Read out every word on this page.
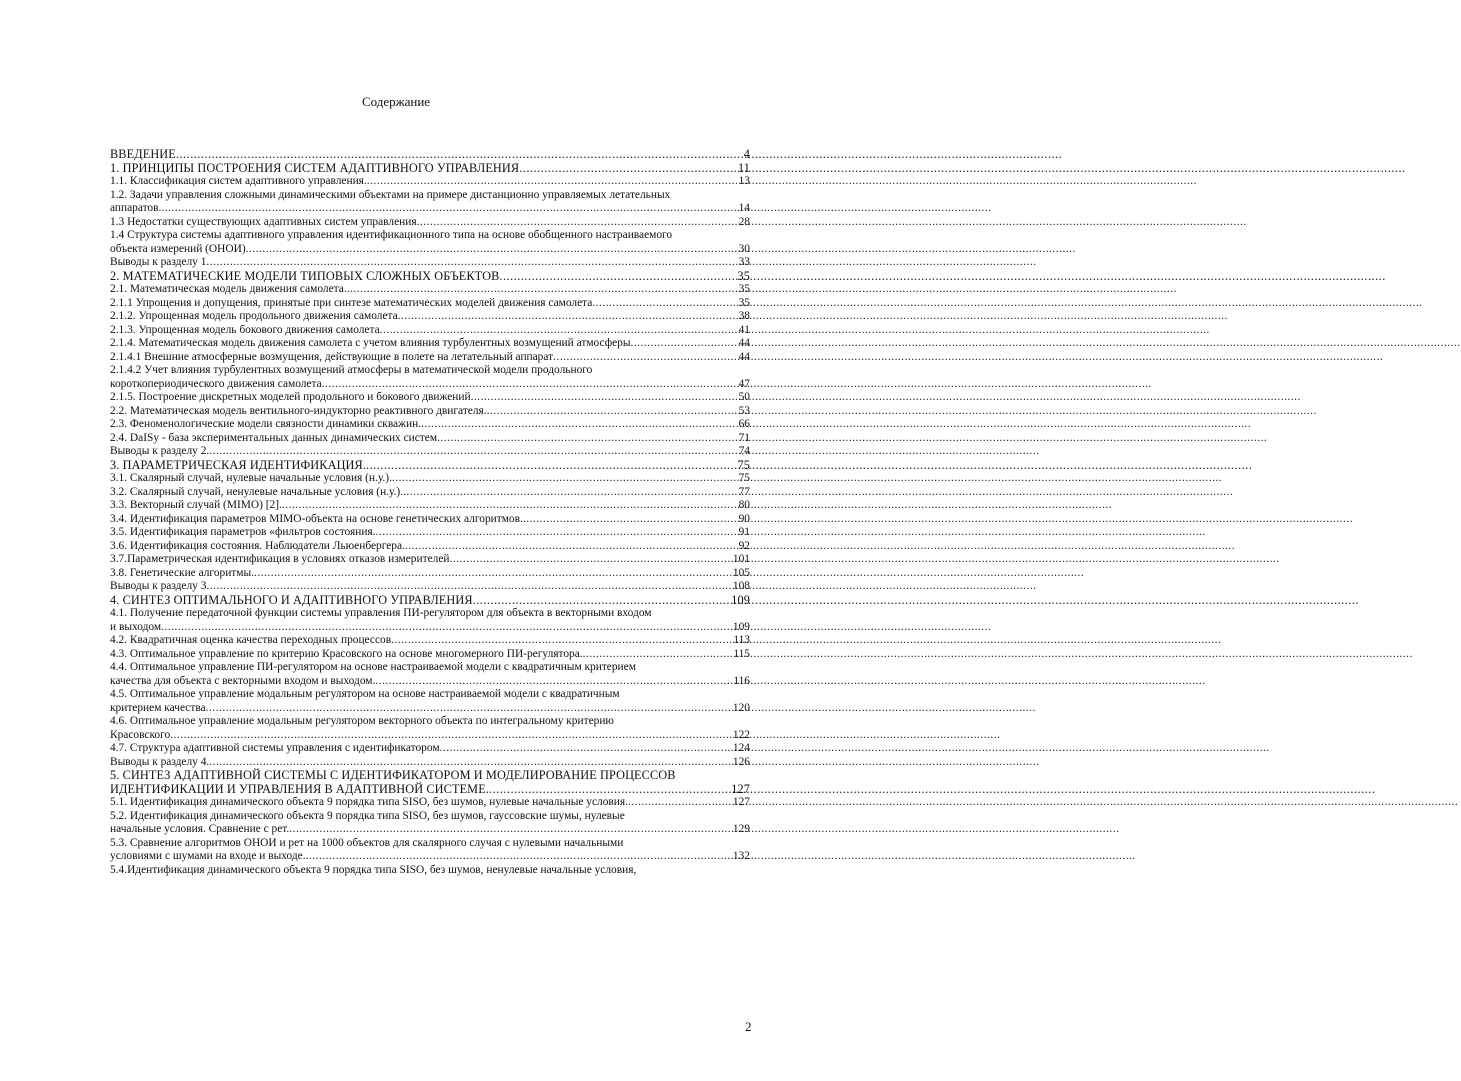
Содержание
ВВЕДЕНИЕ .....	4
1. ПРИНЦИПЫ ПОСТРОЕНИЯ СИСТЕМ АДАПТИВНОГО УПРАВЛЕНИЯ .....	11
1.1. Классификация систем адаптивного управления. .....	13
1.2. Задачи управления сложными динамическими объектами на примере дистанционно управляемых летательных
аппаратов. .....	14
1.3 Недостатки существующих адаптивных систем управления .....	28
1.4 Структура системы адаптивного управления идентификационного типа на основе обобщенного настраиваемого
объекта измерений (ОНОИ) .....	30
Выводы к разделу 1 .....	33
2. МАТЕМАТИЧЕСКИЕ МОДЕЛИ ТИПОВЫХ СЛОЖНЫХ ОБЪЕКТОВ .....	35
2.1. Математическая модель движения самолета. .....	35
2.1.1 Упрощения и допущения, принятые при синтезе математических моделей движения самолета .....	35
2.1.2. Упрощенная модель продольного движения самолета .....	38
2.1.3. Упрощенная модель бокового движения самолета .....	41
2.1.4. Математическая модель движения самолета с учетом влияния турбулентных возмущений атмосферы .....	44
2.1.4.1 Внешние атмосферные возмущения, действующие в полете на летательный аппарат .....	44
2.1.4.2 Учет влияния турбулентных возмущений атмосферы в математической модели продольного
короткопериодического движения самолета .....	47
2.1.5. Построение дискретных моделей продольного и бокового движений .....	50
2.2. Математическая модель вентильного-индукторно реактивного двигателя. .....	53
2.3. Феноменологические модели связности динамики скважин. .....	66
2.4. DaISy - база экспериментальных данных динамических систем .....	71
Выводы к разделу 2. .....	74
3. ПАРАМЕТРИЧЕСКАЯ ИДЕНТИФИКАЦИЯ. .....	75
3.1. Скалярный случай, нулевые начальные условия (н.у.). .....	75
3.2. Скалярный случай, ненулевые начальные условия (н.у.). .....	77
3.3. Векторный случай (MIMO) [2]. .....	80
3.4. Идентификация параметров MIMO-объекта на основе генетических алгоритмов. .....	90
3.5. Идентификация параметров «фильтров состояния. .....	91
3.6. Идентификация состояния. Наблюдатели Льюенбергера. .....	92
3.7.Параметрическая идентификация в условиях отказов измерителей .....	101
3.8. Генетические алгоритмы. .....	105
Выводы к разделу 3 .....	108
4. СИНТЕЗ ОПТИМАЛЬНОГО И АДАПТИВНОГО УПРАВЛЕНИЯ .....	109
4.1. Получение передаточной функции системы управления ПИ-регулятором для объекта в векторными входом
и выходом .....	109
4.2. Квадратичная оценка качества переходных процессов .....	113
4.3. Оптимальное управление по критерию Красовского на основе многомерного ПИ-регулятора. .....	115
4.4. Оптимальное управление ПИ-регулятором на основе настраиваемой модели с квадратичным критерием
качества для объекта с векторными входом и выходом. .....	116
4.5. Оптимальное управление модальным регулятором на основе настраиваемой модели с квадратичным
критерием качества .....	120
4.6. Оптимальное управление модальным регулятором векторного объекта по интегральному критерию
Красовского .....	122
4.7. Структура адаптивной системы управления с идентификатором .....	124
Выводы к разделу 4. .....	126
5. СИНТЕЗ АДАПТИВНОЙ СИСТЕМЫ С ИДЕНТИФИКАТОРОМ И МОДЕЛИРОВАНИЕ ПРОЦЕССОВ
ИДЕНТИФИКАЦИИ И УПРАВЛЕНИЯ В АДАПТИВНОЙ СИСТЕМЕ. .....	127
5.1. Идентификация динамического объекта 9 порядка типа SISO, без шумов, нулевые начальные условия. .....	127
5.2. Идентификация динамического объекта 9 порядка типа SISO, без шумов, гауссовские шумы, нулевые
начальные условия. Сравнение с рет. .....	129
5.3. Сравнение алгоритмов ОНОИ и рет на 1000 объектов для скалярного случая с нулевыми начальными
условиями с шумами на входе и выходе. .....	132
5.4.Идентификация динамического объекта 9 порядка типа SISO, без шумов, ненулевые начальные условия,
2
